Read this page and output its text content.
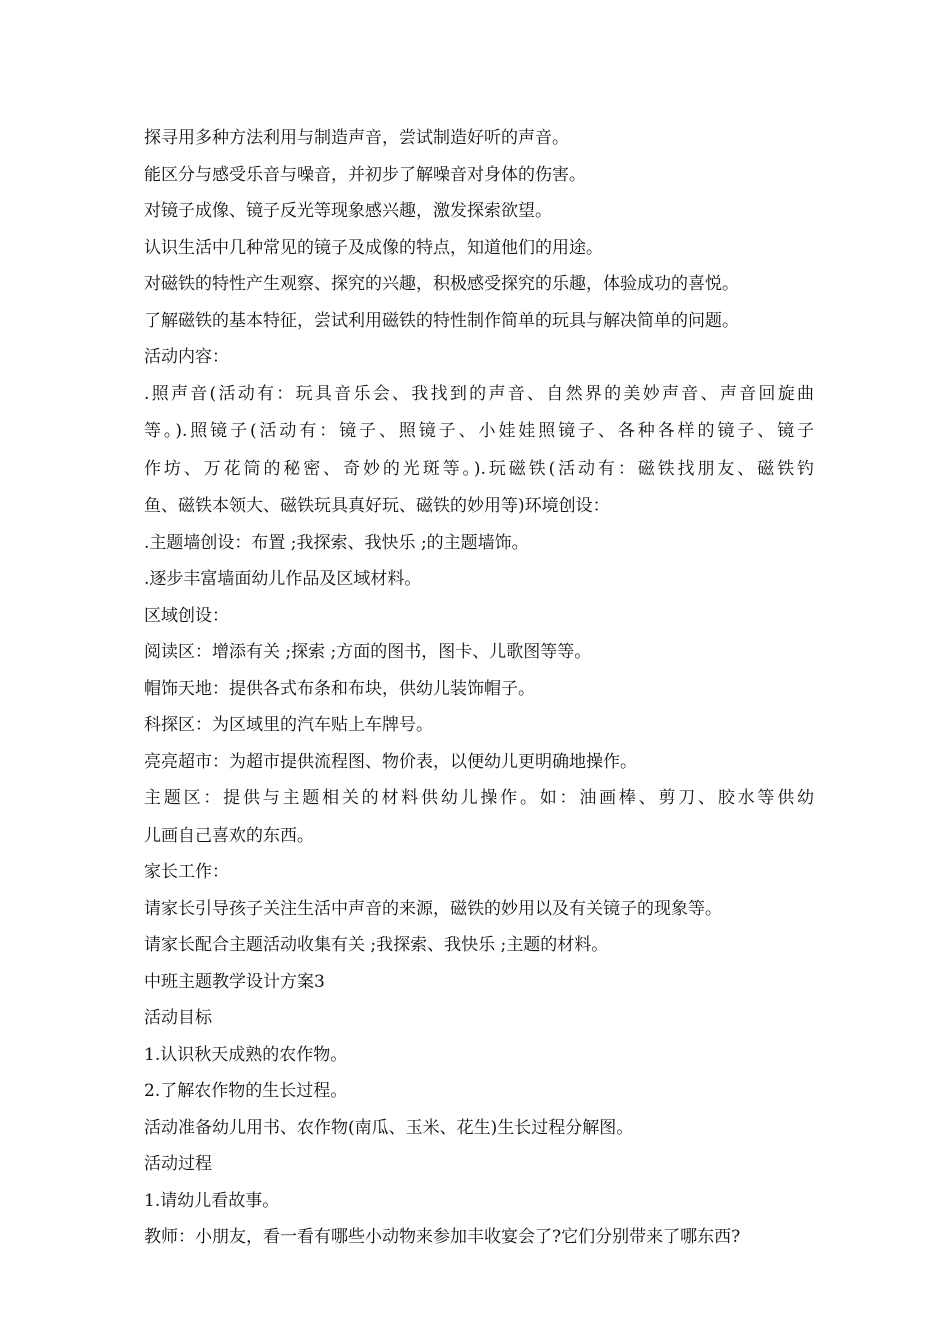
探寻用多种方法利用与制造声音，尝试制造好听的声音。
能区分与感受乐音与噪音，并初步了解噪音对身体的伤害。
对镜子成像、镜子反光等现象感兴趣，激发探索欲望。
认识生活中几种常见的镜子及成像的特点，知道他们的用途。
对磁铁的特性产生观察、探究的兴趣，积极感受探究的乐趣，体验成功的喜悦。
了解磁铁的基本特征，尝试利用磁铁的特性制作简单的玩具与解决简单的问题。
活动内容：
.照声音(活动有：玩具音乐会、我找到的声音、自然界的美妙声音、声音回旋曲
等。).照镜子(活动有：镜子、照镜子、小娃娃照镜子、各种各样的镜子、镜子
作坊、万花筒的秘密、奇妙的光斑等。).玩磁铁(活动有：磁铁找朋友、磁铁钓
鱼、磁铁本领大、磁铁玩具真好玩、磁铁的妙用等)环境创设：
.主题墙创设：布置 ;我探索、我快乐 ;的主题墙饰。
.逐步丰富墙面幼儿作品及区域材料。
区域创设：
阅读区：增添有关 ;探索 ;方面的图书，图卡、儿歌图等等。
帽饰天地：提供各式布条和布块，供幼儿装饰帽子。
科探区：为区域里的汽车贴上车牌号。
亮亮超市：为超市提供流程图、物价表，以便幼儿更明确地操作。
主题区：提供与主题相关的材料供幼儿操作。如：油画棒、剪刀、胶水等供幼
儿画自己喜欢的东西。
家长工作：
请家长引导孩子关注生活中声音的来源，磁铁的妙用以及有关镜子的现象等。
请家长配合主题活动收集有关 ;我探索、我快乐 ;主题的材料。
中班主题教学设计方案3
活动目标
1.认识秋天成熟的农作物。
2.了解农作物的生长过程。
活动准备幼儿用书、农作物(南瓜、玉米、花生)生长过程分解图。
活动过程
1.请幼儿看故事。
教师：小朋友，看一看有哪些小动物来参加丰收宴会了?它们分别带来了哪东西?
